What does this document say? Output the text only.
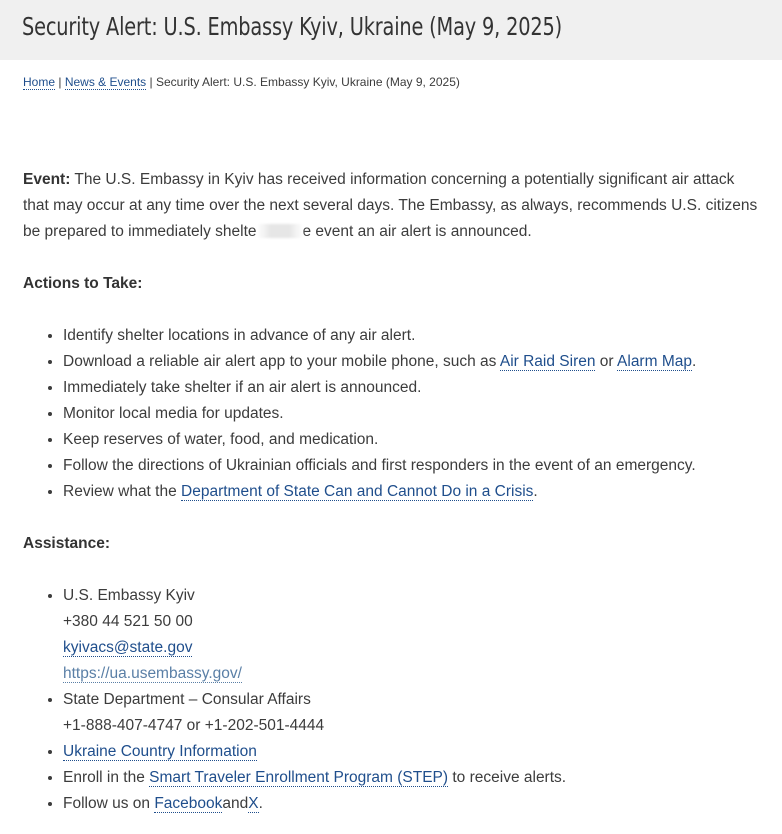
Security Alert: U.S. Embassy Kyiv, Ukraine (May 9, 2025)
Home | News & Events | Security Alert: U.S. Embassy Kyiv, Ukraine (May 9, 2025)

Event: The U.S. Embassy in Kyiv has received information concerning a potentially significant air attack that may occur at any time over the next several days. The Embassy, as always, recommends U.S. citizens be prepared to immediately shelte	e event an air alert is announced.

Actions to Take:

• Identify shelter locations in advance of any air alert.
• Download a reliable air alert app to your mobile phone, such as Air Raid Siren or Alarm Map.
• Immediately take shelter if an air alert is announced.
• Monitor local media for updates.
• Keep reserves of water, food, and medication.
• Follow the directions of Ukrainian officials and first responders in the event of an emergency.
• Review what the Department of State Can and Cannot Do in a Crisis.

Assistance:

• U.S. Embassy Kyiv
+380 44 521 50 00
kyivacs@state.gov
https://ua.usembassy.gov/
• State Department – Consular Affairs
+1-888-407-4747 or +1-202-501-4444
• Ukraine Country Information
• Enroll in the Smart Traveler Enrollment Program (STEP) to receive alerts.
• Follow us on FacebookandX.
